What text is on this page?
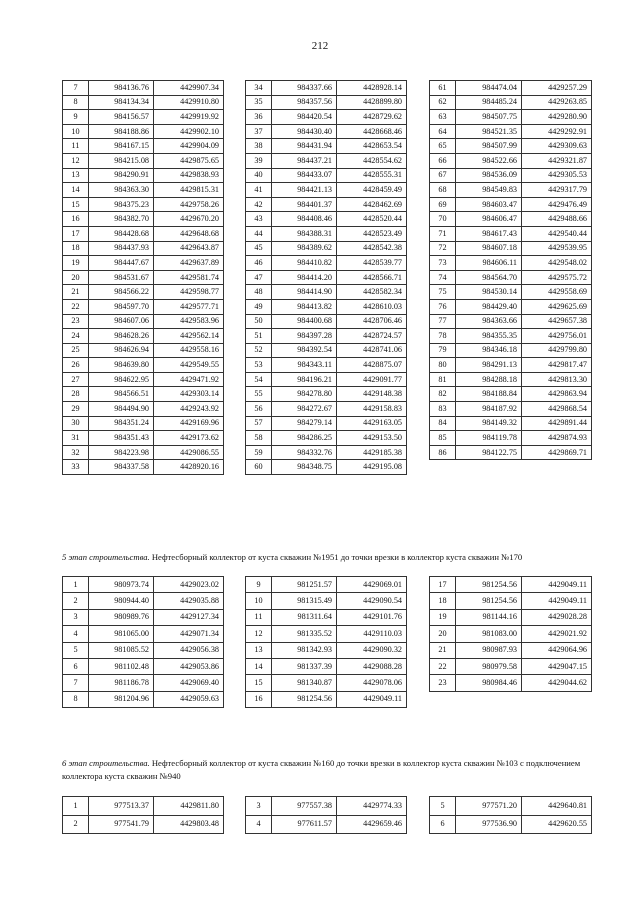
212
7	984136.76	4429907.34
8	984134.34	4429910.80
9	984156.57	4429919.92
10	984188.86	4429902.10
11	984167.15	4429904.09
12	984215.08	4429875.65
13	984290.91	4429838.93
14	984363.30	4429815.31
15	984375.23	4429758.26
16	984382.70	4429670.20
17	984428.68	4429648.68
18	984437.93	4429643.87
19	984447.67	4429637.89
20	984531.67	4429581.74
21	984566.22	4429598.77
22	984597.70	4429577.71
23	984607.06	4429583.96
24	984628.26	4429562.14
25	984626.94	4429558.16
26	984639.80	4429549.55
27	984622.95	4429471.92
28	984566.51	4429303.14
29	984494.90	4429243.92
30	984351.24	4429169.96
31	984351.43	4429173.62
32	984223.98	4429086.55
33	984337.58	4428920.16
34	984337.66	4428928.14
35	984357.56	4428899.80
36	984420.54	4428729.62
37	984430.40	4428668.46
38	984431.94	4428653.54
39	984437.21	4428554.62
40	984433.07	4428555.31
41	984421.13	4428459.49
42	984401.37	4428462.69
43	984408.46	4428520.44
44	984388.31	4428523.49
45	984389.62	4428542.38
46	984410.82	4428539.77
47	984414.20	4428566.71
48	984414.90	4428582.34
49	984413.82	4428610.03
50	984400.68	4428706.46
51	984397.28	4428724.57
52	984392.54	4428741.06
53	984343.11	4428875.07
54	984196.21	4429091.77
55	984278.80	4429148.38
56	984272.67	4429158.83
57	984279.14	4429163.05
58	984286.25	4429153.50
59	984332.76	4429185.38
60	984348.75	4429195.08
61	984474.04	4429257.29
62	984485.24	4429263.85
63	984507.75	4429280.90
64	984521.35	4429292.91
65	984507.99	4429309.63
66	984522.66	4429321.87
67	984536.09	4429305.53
68	984549.83	4429317.79
69	984603.47	4429476.49
70	984606.47	4429488.66
71	984617.43	4429540.44
72	984607.18	4429539.95
73	984606.11	4429548.02
74	984564.70	4429575.72
75	984530.14	4429558.69
76	984429.40	4429625.69
77	984363.66	4429657.38
78	984355.35	4429756.01
79	984346.18	4429799.80
80	984291.13	4429817.47
81	984288.18	4429813.30
82	984188.84	4429863.94
83	984187.92	4429868.54
84	984149.32	4429891.44
85	984119.78	4429874.93
86	984122.75	4429869.71
5 этап строительства. Нефтесборный коллектор от куста скважин №1951 до точки врезки в коллектор куста скважин №170
1	980973.74	4429023.02
2	980944.40	4429035.88
3	980989.76	4429127.34
4	981065.00	4429071.34
5	981085.52	4429056.38
6	981102.48	4429053.86
7	981186.78	4429069.40
8	981204.96	4429059.63
9	981251.57	4429069.01
10	981315.49	4429090.54
11	981311.64	4429101.76
12	981335.52	4429110.03
13	981342.93	4429090.32
14	981337.39	4429088.28
15	981340.87	4429078.06
16	981254.56	4429049.11
17	981254.56	4429049.11
18	981254.56	4429049.11
19	981144.16	4429028.28
20	981083.00	4429021.92
21	980987.93	4429064.96
22	980979.58	4429047.15
23	980984.46	4429044.62
6 этап строительства. Нефтесборный коллектор от куста скважин №160 до точки врезки в коллектор куста скважин №103 с подключением коллектора куста скважин №940
1	977513.37	4429811.80
2	977541.79	4429803.48
3	977557.38	4429774.33
4	977611.57	4429659.46
5	977571.20	4429640.81
6	977536.90	4429620.55
